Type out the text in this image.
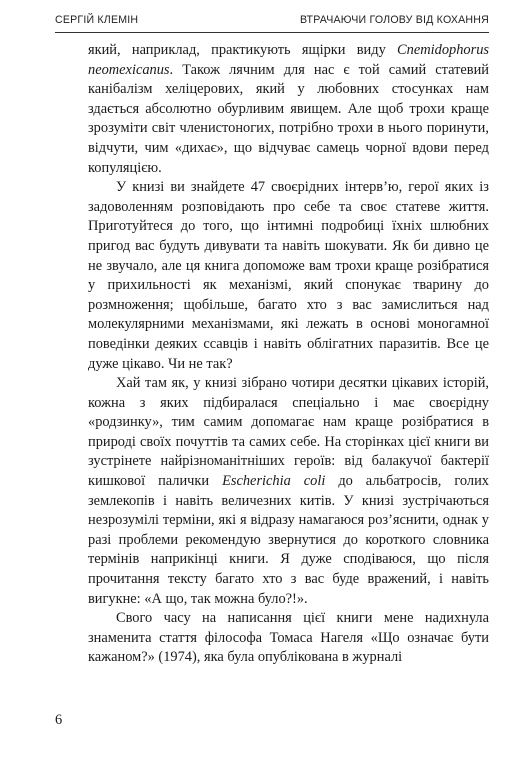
СЕРГІЙ КЛЕМІН	ВТРАЧАЮЧИ ГОЛОВУ ВІД КОХАННЯ

який, наприклад, практикують ящірки виду Cnemidophorus neomexicanus. Також лячним для нас є той самий статевий канібалізм хеліцерових, який у любовних стосунках нам здається абсолютно обурливим явищем. Але щоб трохи краще зрозуміти світ членистоногих, потрібно трохи в нього поринути, відчути, чим «дихає», що відчуває самець чорної вдови перед копуляцією.

У книзі ви знайдете 47 своєрідних інтерв’ю, герої яких із задоволенням розповідають про себе та своє статеве життя. Приготуйтеся до того, що інтимні подробиці їхніх шлюбних пригод вас будуть дивувати та навіть шокувати. Як би дивно це не звучало, але ця книга допоможе вам трохи краще розібратися у прихильності як механізмі, який спонукає тварину до розмноження; щобільше, багато хто з вас замислиться над молекулярними механізмами, які лежать в основі моногамної поведінки деяких ссавців і навіть облігатних паразитів. Все це дуже цікаво. Чи не так?

Хай там як, у книзі зібрано чотири десятки цікавих історій, кожна з яких підбиралася спеціально і має своєрідну «родзинку», тим самим допомагає нам краще розібратися в природі своїх почуттів та самих себе. На сторінках цієї книги ви зустрінете найрізноманітніших героїв: від балакучої бактерії кишкової палички Escherichia coli до альбатросів, голих землекопів і навіть величезних китів. У книзі зустрічаються незрозумілі терміни, які я відразу намагаюся роз’яснити, однак у разі проблеми рекомендую звернутися до короткого словника термінів наприкінці книги. Я дуже сподіваюся, що після прочитання тексту багато хто з вас буде вражений, і навіть вигукне: «А що, так можна було?!».

Свого часу на написання цієї книги мене надихнула знаменита стаття філософа Томаса Нагеля «Що означає бути кажаном?» (1974), яка була опублікована в журналі

6
